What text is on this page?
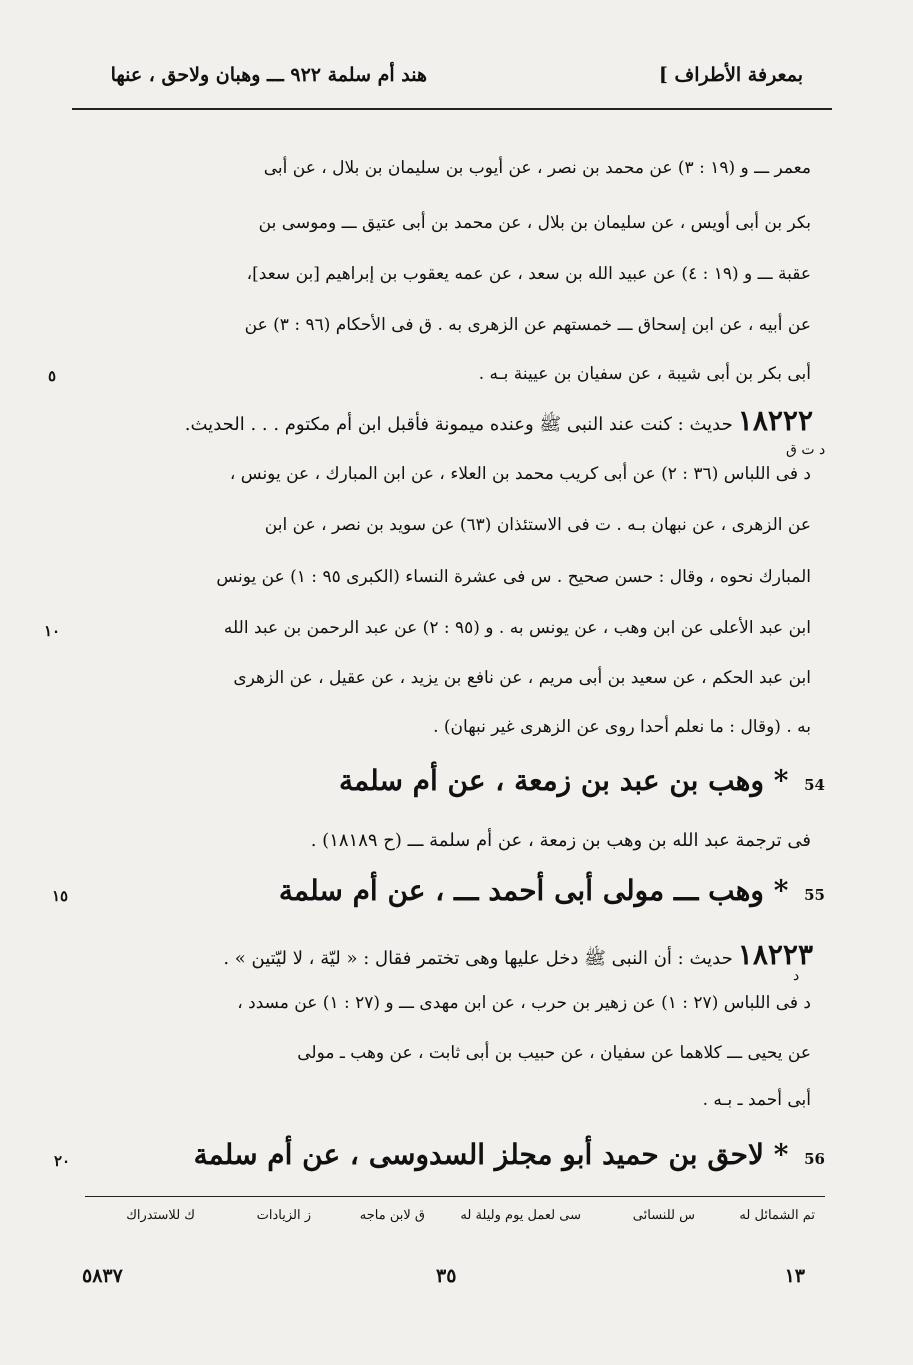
هند أم سلمة ٩٢٢ ـــ وهبان ولاحق ، عنها	بمعرفة الأطراف ]
معمر ـــ و (١٩ : ٣) عن محمد بن نصر ، عن أيوب بن سليمان بن بلال ، عن أبى
بكر بن أبى أويس ، عن سليمان بن بلال ، عن محمد بن أبى عتيق ـــ وموسى بن
عقبة ـــ و (١٩ : ٤) عن عبيد الله بن سعد ، عن عمه يعقوب بن إبراهيم [بن سعد]،
عن أبيه ، عن ابن إسحاق ـــ خمستهم عن الزهرى به . ق فى الأحكام (٩٦ : ٣) عن
أبى بكر بن أبى شيبة ، عن سفيان بن عيينة بـه .
٥
١٨٢٢٢ حديث : كنت عند النبى ﷺ وعنده ميمونة فأقبل ابن أم مكتوم . . . الحديث.
د ت ق
د فى اللباس (٣٦ : ٢) عن أبى كريب محمد بن العلاء ، عن ابن المبارك ، عن يونس ،
عن الزهرى ، عن نبهان بـه . ت فى الاستئذان (٦٣) عن سويد بن نصر ، عن ابن
المبارك نحوه ، وقال : حسن صحيح . س فى عشرة النساء (الكبرى ٩٥ : ١) عن يونس
ابن عبد الأعلى عن ابن وهب ، عن يونس به . و (٩٥ : ٢) عن عبد الرحمن بن عبد الله
١٠
ابن عبد الحكم ، عن سعيد بن أبى مريم ، عن نافع بن يزيد ، عن عقيل ، عن الزهرى
به . (وقال : ما نعلم أحدا روى عن الزهرى غير نبهان) .
54 * وهب بن عبد بن زمعة ، عن أم سلمة
فى ترجمة عبد الله بن وهب بن زمعة ، عن أم سلمة ـــ (ح ١٨١٨٩) .
55 * وهب ـــ مولى أبى أحمد ـــ ، عن أم سلمة
١٥
١٨٢٢٣ حديث : أن النبى ﷺ دخل عليها وهى تختمر فقال : « ليّة ، لا ليّتين » .
د
د فى اللباس (٢٧ : ١) عن زهير بن حرب ، عن ابن مهدى ـــ و (٢٧ : ١) عن مسدد ،
عن يحيى ـــ كلاهما عن سفيان ، عن حبيب بن أبى ثابت ، عن وهب ـ مولى
أبى أحمد ـ بـه .
56 * لاحق بن حميد أبو مجلز السدوسى ، عن أم سلمة
٢٠
تم الشمائل له
س للنسائى
سى لعمل يوم وليلة له
ق لابن ماجه
ز الزيادات
ك للاستدراك
١٣
٣٥
٥٨٣٧
